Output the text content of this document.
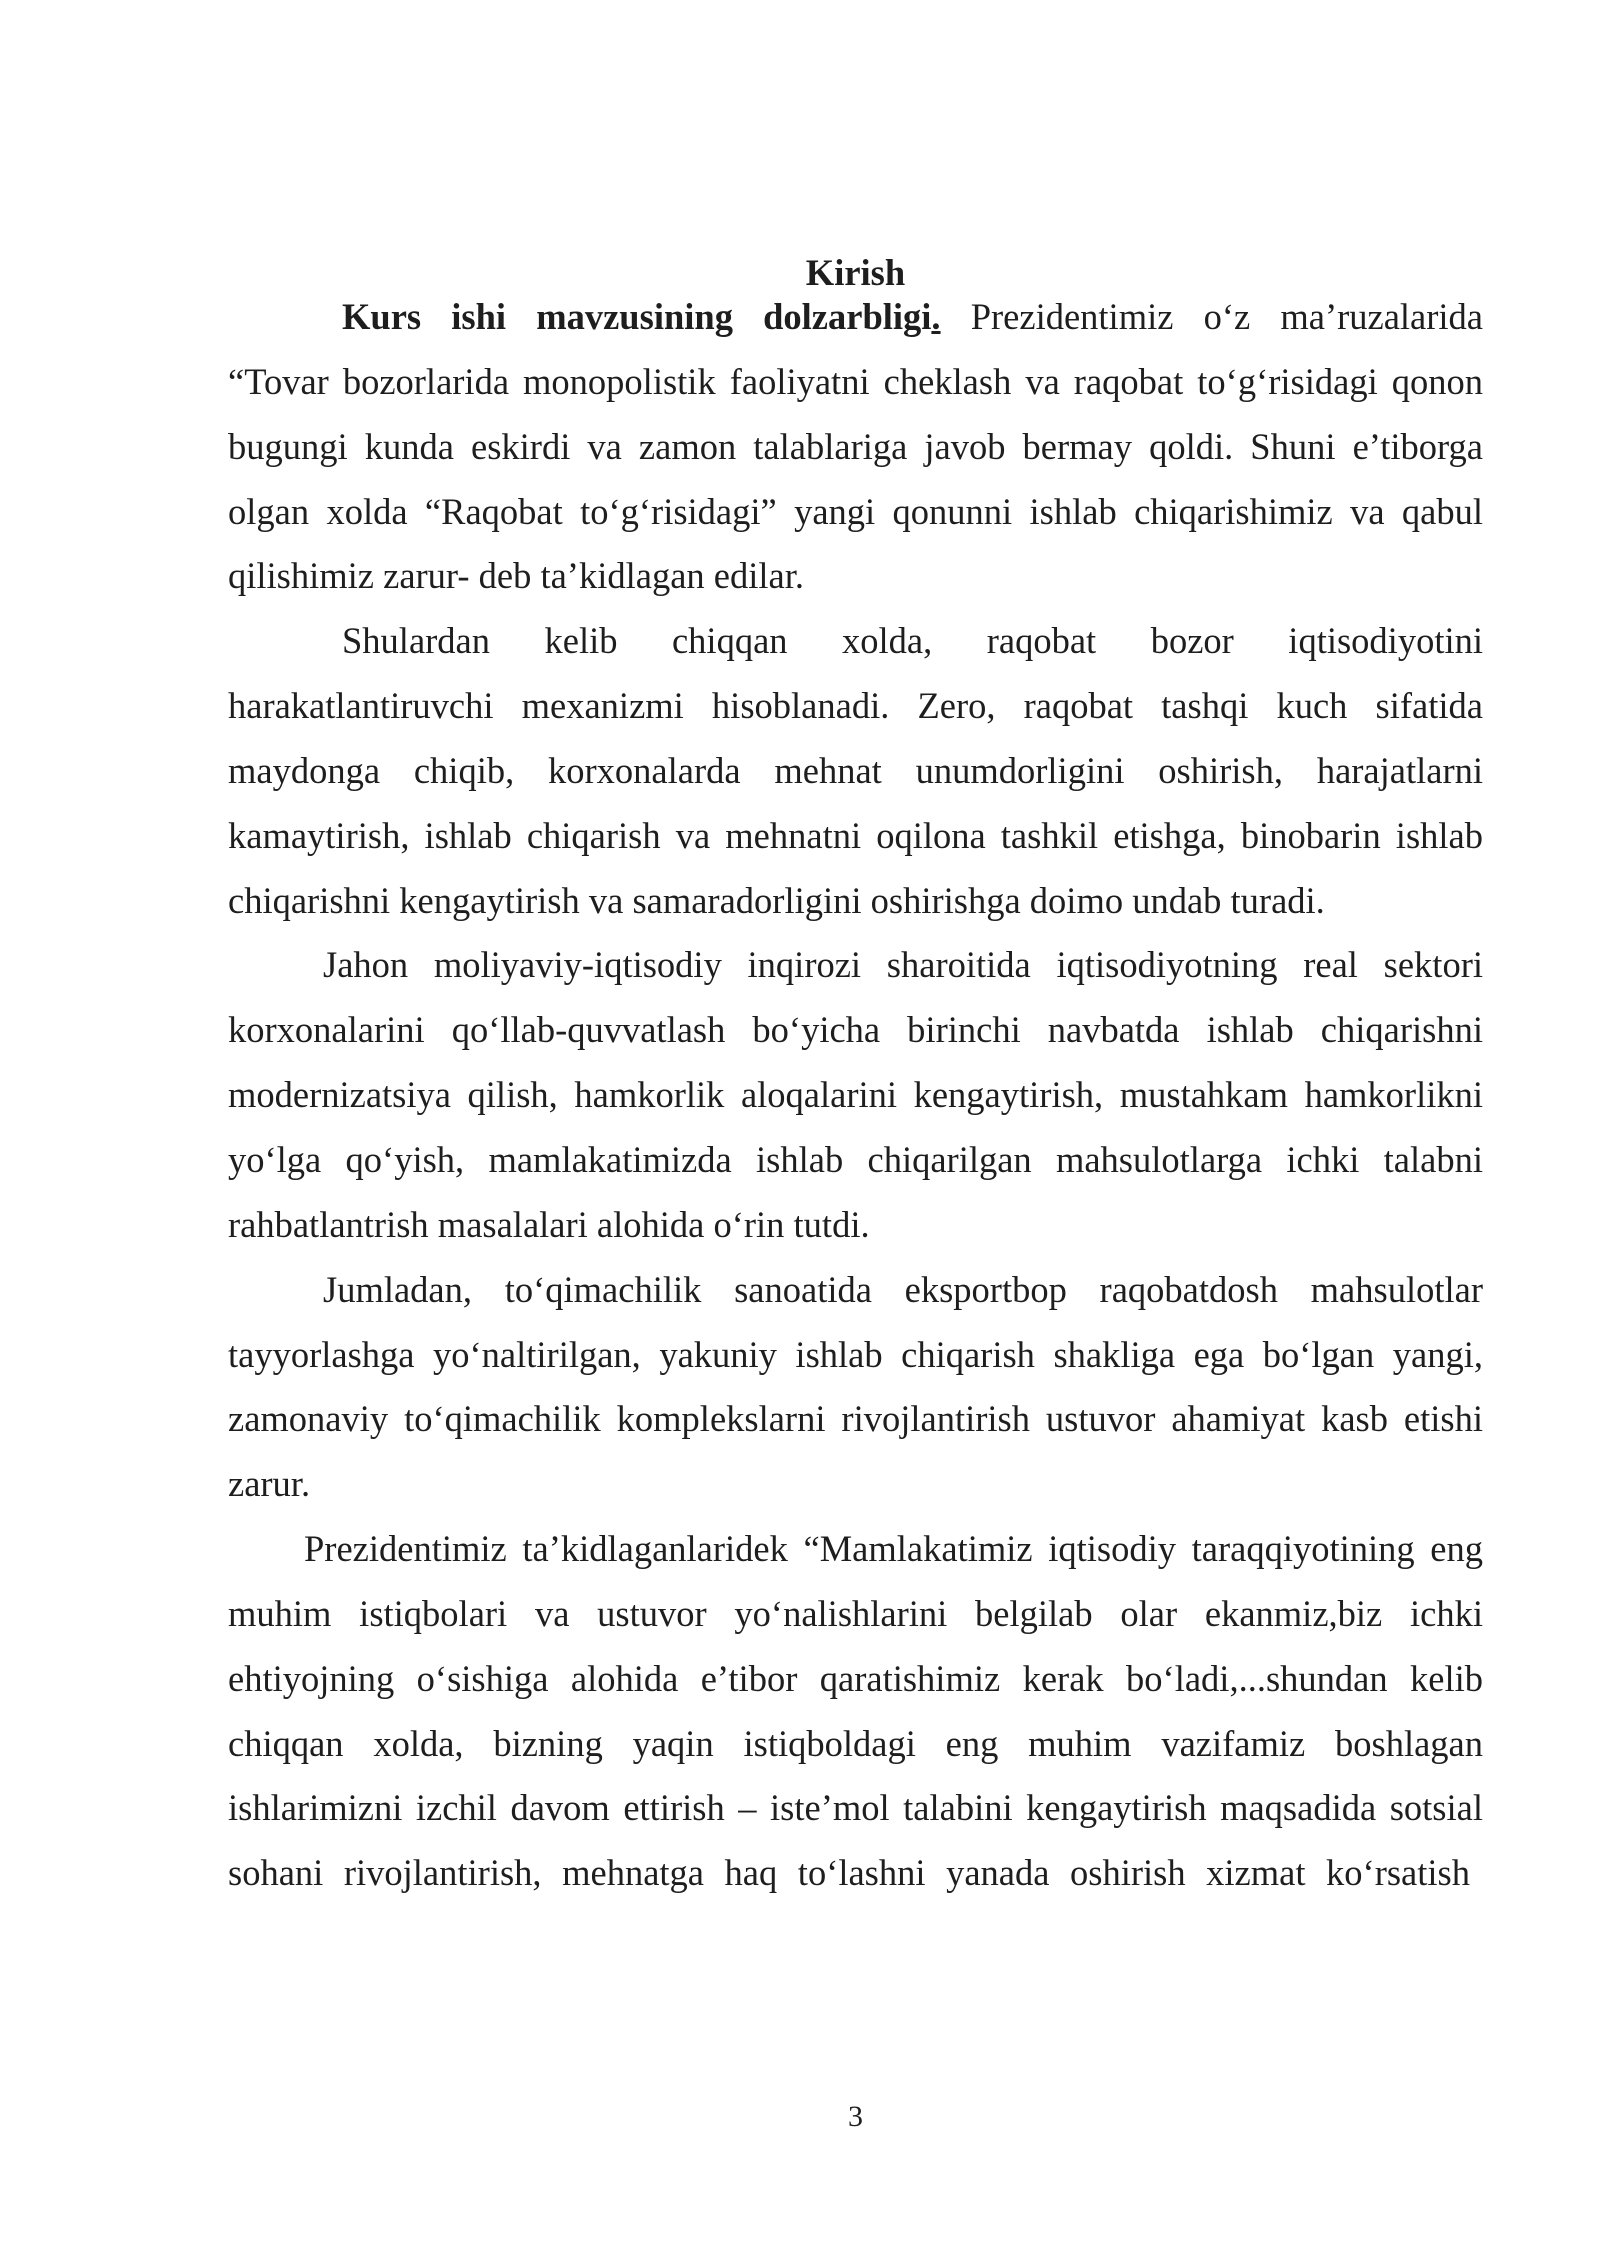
Kirish
Kurs ishi mavzusining dolzarbligi. Prezidentimiz o‘z ma’ruzalarida
“Tovar bozorlarida monopolistik faoliyatni cheklash va raqobat to‘g‘risidagi qonon
bugungi kunda eskirdi va zamon talablariga javob bermay qoldi. Shuni e’tiborga
olgan xolda “Raqobat to‘g‘risidagi” yangi qonunni ishlab chiqarishimiz va qabul
qilishimiz zarur- deb ta’kidlagan edilar.
Shulardan kelib chiqqan xolda, raqobat bozor iqtisodiyotini
harakatlantiruvchi mexanizmi hisoblanadi. Zero, raqobat tashqi kuch sifatida
maydonga chiqib, korxonalarda mehnat unumdorligini oshirish, harajatlarni
kamaytirish, ishlab chiqarish va mehnatni oqilona tashkil etishga, binobarin ishlab
chiqarishni kengaytirish va samaradorligini oshirishga doimo undab turadi.
Jahon moliyaviy-iqtisodiy inqirozi sharoitida iqtisodiyotning real sektori
korxonalarini qo‘llab-quvvatlash bo‘yicha birinchi navbatda ishlab chiqarishni
modernizatsiya qilish, hamkorlik aloqalarini kengaytirish, mustahkam hamkorlikni
yo‘lga qo‘yish, mamlakatimizda ishlab chiqarilgan mahsulotlarga ichki talabni
rahbatlantrish masalalari alohida o‘rin tutdi.
Jumladan, to‘qimachilik sanoatida eksportbop raqobatdosh mahsulotlar
tayyorlashga yo‘naltirilgan, yakuniy ishlab chiqarish shakliga ega bo‘lgan yangi,
zamonaviy to‘qimachilik komplekslarni rivojlantirish ustuvor ahamiyat kasb etishi
zarur.
Prezidentimiz ta’kidlaganlaridek “Mamlakatimiz iqtisodiy taraqqiyotining eng
muhim istiqbolari va ustuvor yo‘nalishlarini belgilab olar ekanmiz,biz ichki
ehtiyojning o‘sishiga alohida e’tibor qaratishimiz kerak bo‘ladi,...shundan kelib
chiqqan xolda, bizning yaqin istiqboldagi eng muhim vazifamiz boshlagan
ishlarimizni izchil davom ettirish – iste’mol talabini kengaytirish maqsadida sotsial
sohani rivojlantirish, mehnatga haq to‘lashni yanada oshirish xizmat ko‘rsatish
3
